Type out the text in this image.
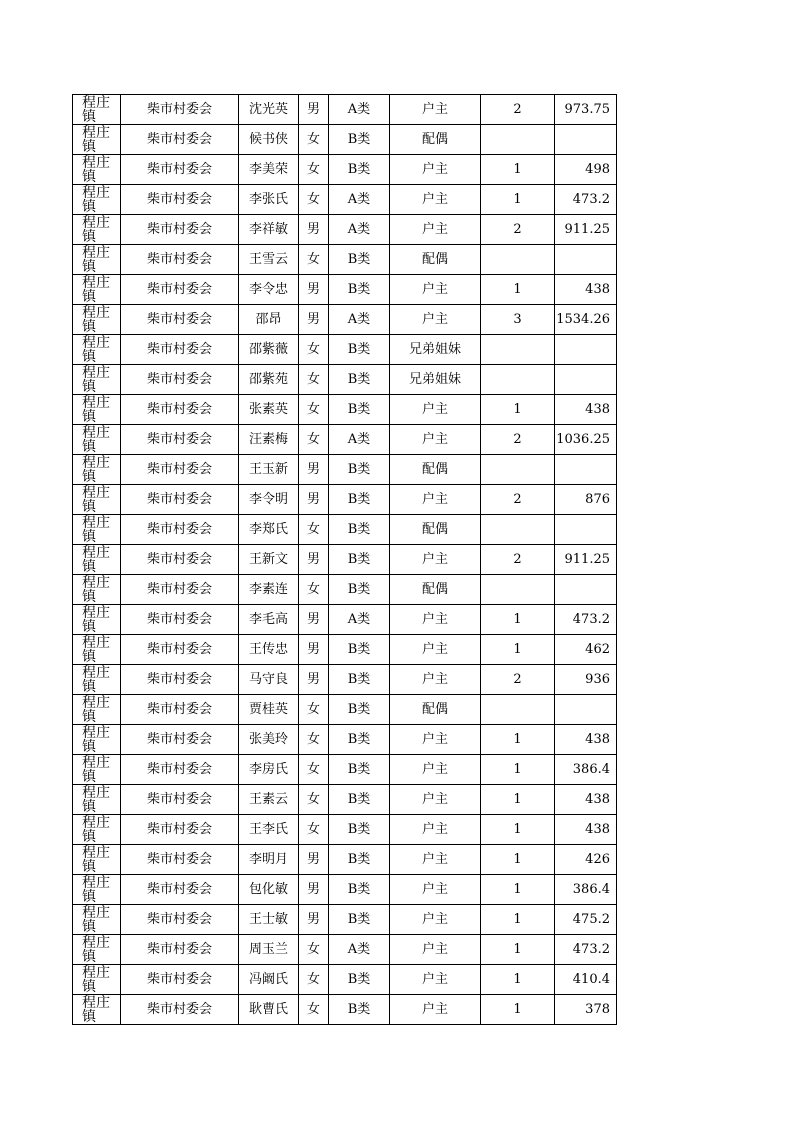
程庄镇	柴市村委会	沈光英	男	A类	户主	2	973.75
程庄镇	柴市村委会	候书侠	女	B类	配偶		
程庄镇	柴市村委会	李美荣	女	B类	户主	1	498
程庄镇	柴市村委会	李张氏	女	A类	户主	1	473.2
程庄镇	柴市村委会	李祥敏	男	A类	户主	2	911.25
程庄镇	柴市村委会	王雪云	女	B类	配偶		
程庄镇	柴市村委会	李令忠	男	B类	户主	1	438
程庄镇	柴市村委会	邵昂	男	A类	户主	3	1534.26
程庄镇	柴市村委会	邵紫薇	女	B类	兄弟姐妹		
程庄镇	柴市村委会	邵紫苑	女	B类	兄弟姐妹		
程庄镇	柴市村委会	张素英	女	B类	户主	1	438
程庄镇	柴市村委会	汪素梅	女	A类	户主	2	1036.25
程庄镇	柴市村委会	王玉新	男	B类	配偶		
程庄镇	柴市村委会	李令明	男	B类	户主	2	876
程庄镇	柴市村委会	李郑氏	女	B类	配偶		
程庄镇	柴市村委会	王新文	男	B类	户主	2	911.25
程庄镇	柴市村委会	李素连	女	B类	配偶		
程庄镇	柴市村委会	李毛高	男	A类	户主	1	473.2
程庄镇	柴市村委会	王传忠	男	B类	户主	1	462
程庄镇	柴市村委会	马守良	男	B类	户主	2	936
程庄镇	柴市村委会	贾桂英	女	B类	配偶		
程庄镇	柴市村委会	张美玲	女	B类	户主	1	438
程庄镇	柴市村委会	李房氏	女	B类	户主	1	386.4
程庄镇	柴市村委会	王素云	女	B类	户主	1	438
程庄镇	柴市村委会	王李氏	女	B类	户主	1	438
程庄镇	柴市村委会	李明月	男	B类	户主	1	426
程庄镇	柴市村委会	包化敏	男	B类	户主	1	386.4
程庄镇	柴市村委会	王士敏	男	B类	户主	1	475.2
程庄镇	柴市村委会	周玉兰	女	A类	户主	1	473.2
程庄镇	柴市村委会	冯阚氏	女	B类	户主	1	410.4
程庄镇	柴市村委会	耿曹氏	女	B类	户主	1	378
